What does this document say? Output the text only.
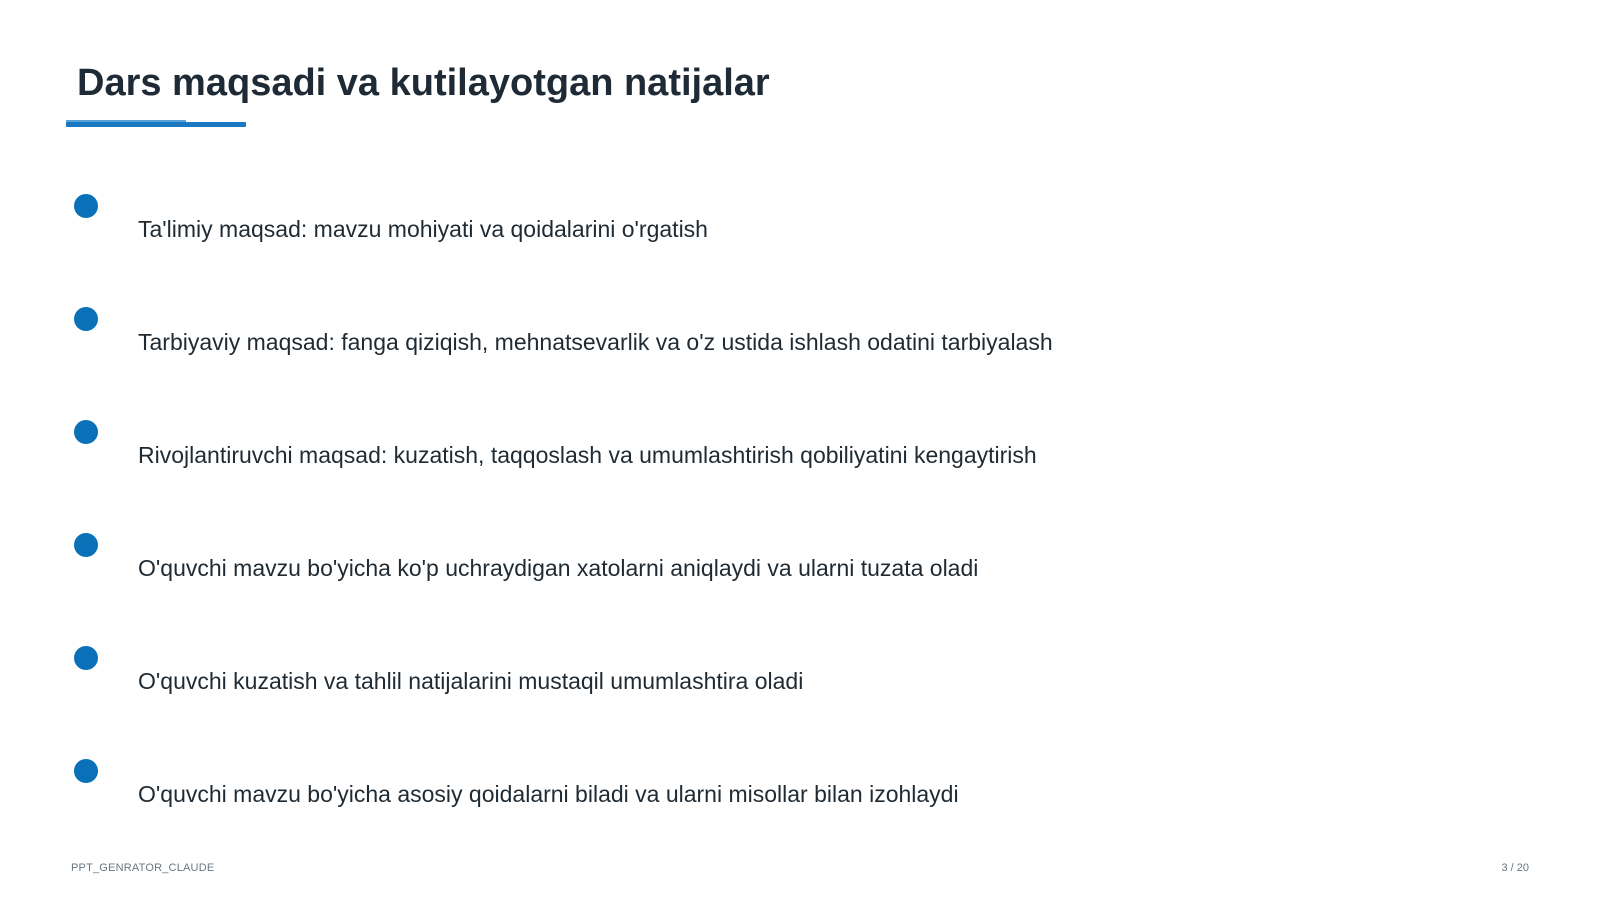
Dars maqsadi va kutilayotgan natijalar
Ta'limiy maqsad: mavzu mohiyati va qoidalarini o'rgatish
Tarbiyaviy maqsad: fanga qiziqish, mehnatsevarlik va o'z ustida ishlash odatini tarbiyalash
Rivojlantiruvchi maqsad: kuzatish, taqqoslash va umumlashtirish qobiliyatini kengaytirish
O'quvchi mavzu bo'yicha ko'p uchraydigan xatolarni aniqlaydi va ularni tuzata oladi
O'quvchi kuzatish va tahlil natijalarini mustaqil umumlashtira oladi
O'quvchi mavzu bo'yicha asosiy qoidalarni biladi va ularni misollar bilan izohlaydi
PPT_GENRATOR_CLAUDE	3 / 20
